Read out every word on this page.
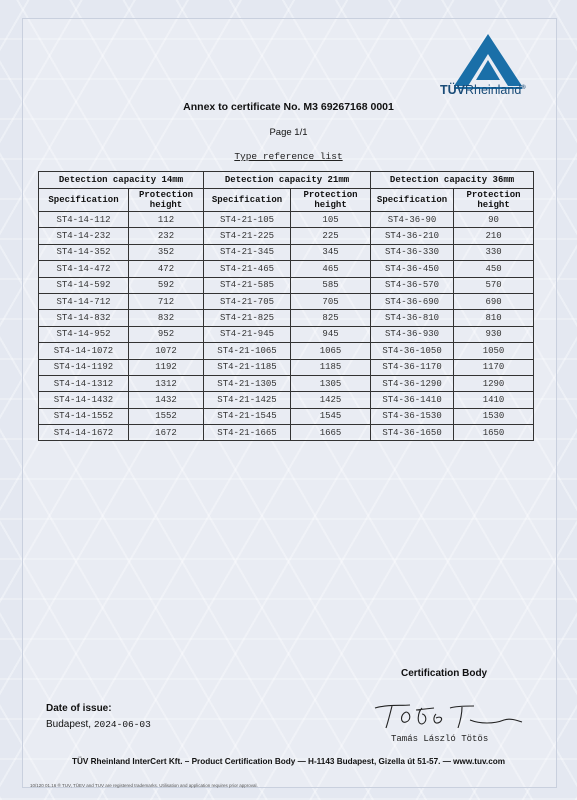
TÜVRheinland®
Annex to certificate No. M3 69267168 0001
Page 1/1
Type reference list
Detection capacity 14mm		Detection capacity 21mm		Detection capacity 36mm	
Specification	Protection height	Specification	Protection height	Specification	Protection height
ST4-14-112	112	ST4-21-105	105	ST4-36-90	90
ST4-14-232	232	ST4-21-225	225	ST4-36-210	210
ST4-14-352	352	ST4-21-345	345	ST4-36-330	330
ST4-14-472	472	ST4-21-465	465	ST4-36-450	450
ST4-14-592	592	ST4-21-585	585	ST4-36-570	570
ST4-14-712	712	ST4-21-705	705	ST4-36-690	690
ST4-14-832	832	ST4-21-825	825	ST4-36-810	810
ST4-14-952	952	ST4-21-945	945	ST4-36-930	930
ST4-14-1072	1072	ST4-21-1065	1065	ST4-36-1050	1050
ST4-14-1192	1192	ST4-21-1185	1185	ST4-36-1170	1170
ST4-14-1312	1312	ST4-21-1305	1305	ST4-36-1290	1290
ST4-14-1432	1432	ST4-21-1425	1425	ST4-36-1410	1410
ST4-14-1552	1552	ST4-21-1545	1545	ST4-36-1530	1530
ST4-14-1672	1672	ST4-21-1665	1665	ST4-36-1650	1650
Certification Body
Date of issue:
Budapest, 2024-06-03
Tamás László Tötös
TÜV Rheinland InterCert Kft. – Product Certification Body — H-1143 Budapest, Gizella út 51-57. — www.tuv.com
10/120 01.16 ® TUV, TÜEV and TUV are registered trademarks. Utilisation and application requires prior approval.
